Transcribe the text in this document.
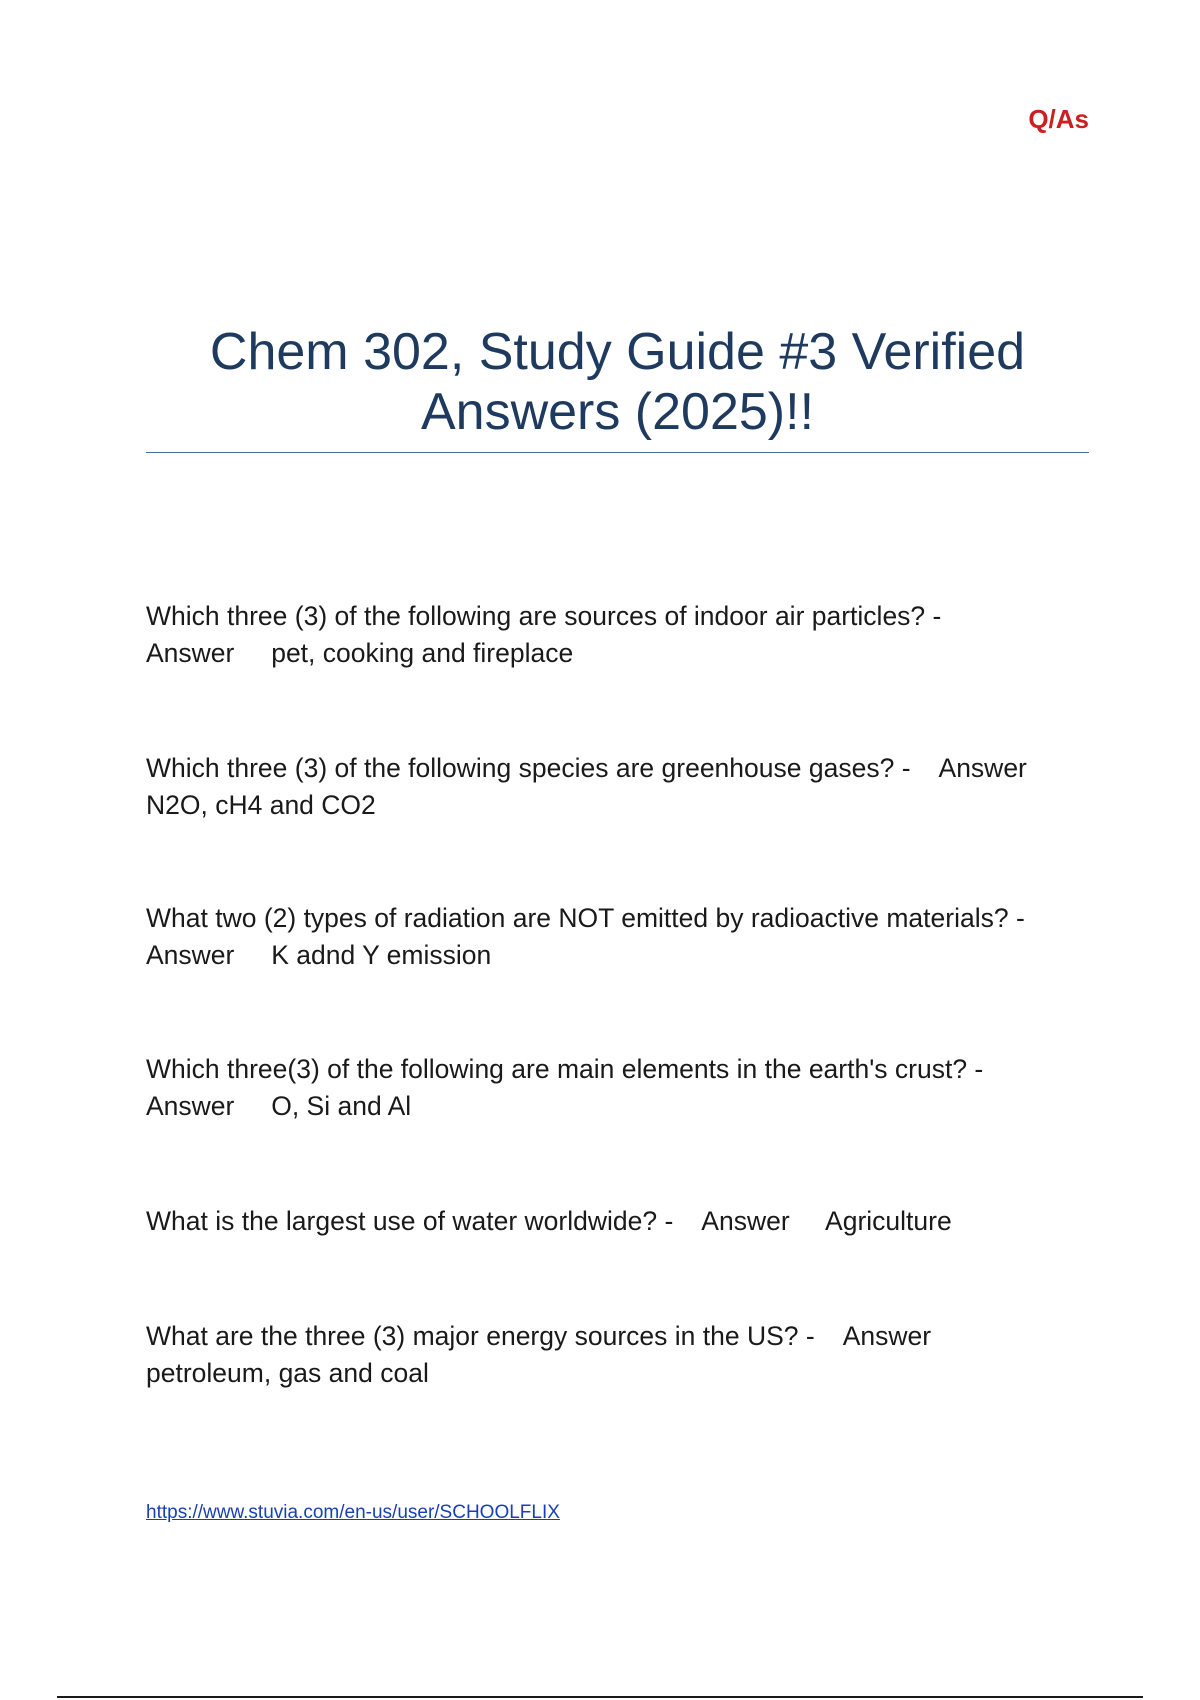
Q/As
Chem 302, Study Guide #3 Verified
Answers (2025)!!
Which three (3) of the following are sources of indoor air particles? -
Answer pet, cooking and fireplace
Which three (3) of the following species are greenhouse gases? -    Answer
N2O, cH4 and CO2
What two (2) types of radiation are NOT emitted by radioactive materials? -
Answer K adnd Y emission
Which three(3) of the following are main elements in the earth's crust? -
Answer O, Si and Al
What is the largest use of water worldwide? -    Answer Agriculture
What are the three (3) major energy sources in the US? -    Answer
petroleum, gas and coal
https://www.stuvia.com/en-us/user/SCHOOLFLIX
